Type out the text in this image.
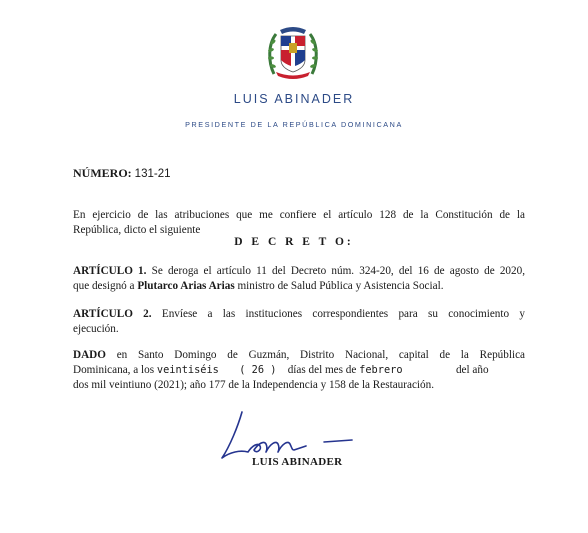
LUIS ABINADER
PRESIDENTE DE LA REPÚBLICA DOMINICANA
NÚMERO: 131-21
En ejercicio de las atribuciones que me confiere el artículo 128 de la Constitución de la
República, dicto el siguiente
D E C R E T O:
ARTÍCULO 1. Se deroga el artículo 11 del Decreto núm. 324-20, del 16 de agosto de 2020,
que designó a Plutarco Arias Arias ministro de Salud Pública y Asistencia Social.
ARTÍCULO 2. Envíese a las instituciones correspondientes para su conocimiento y
ejecución.
DADO en Santo Domingo de Guzmán, Distrito Nacional, capital de la República
Dominicana, a los veintiséis	( 26 ) días del mes de febrero	del año
dos mil veintiuno (2021); año 177 de la Independencia y 158 de la Restauración.
LUIS ABINADER
